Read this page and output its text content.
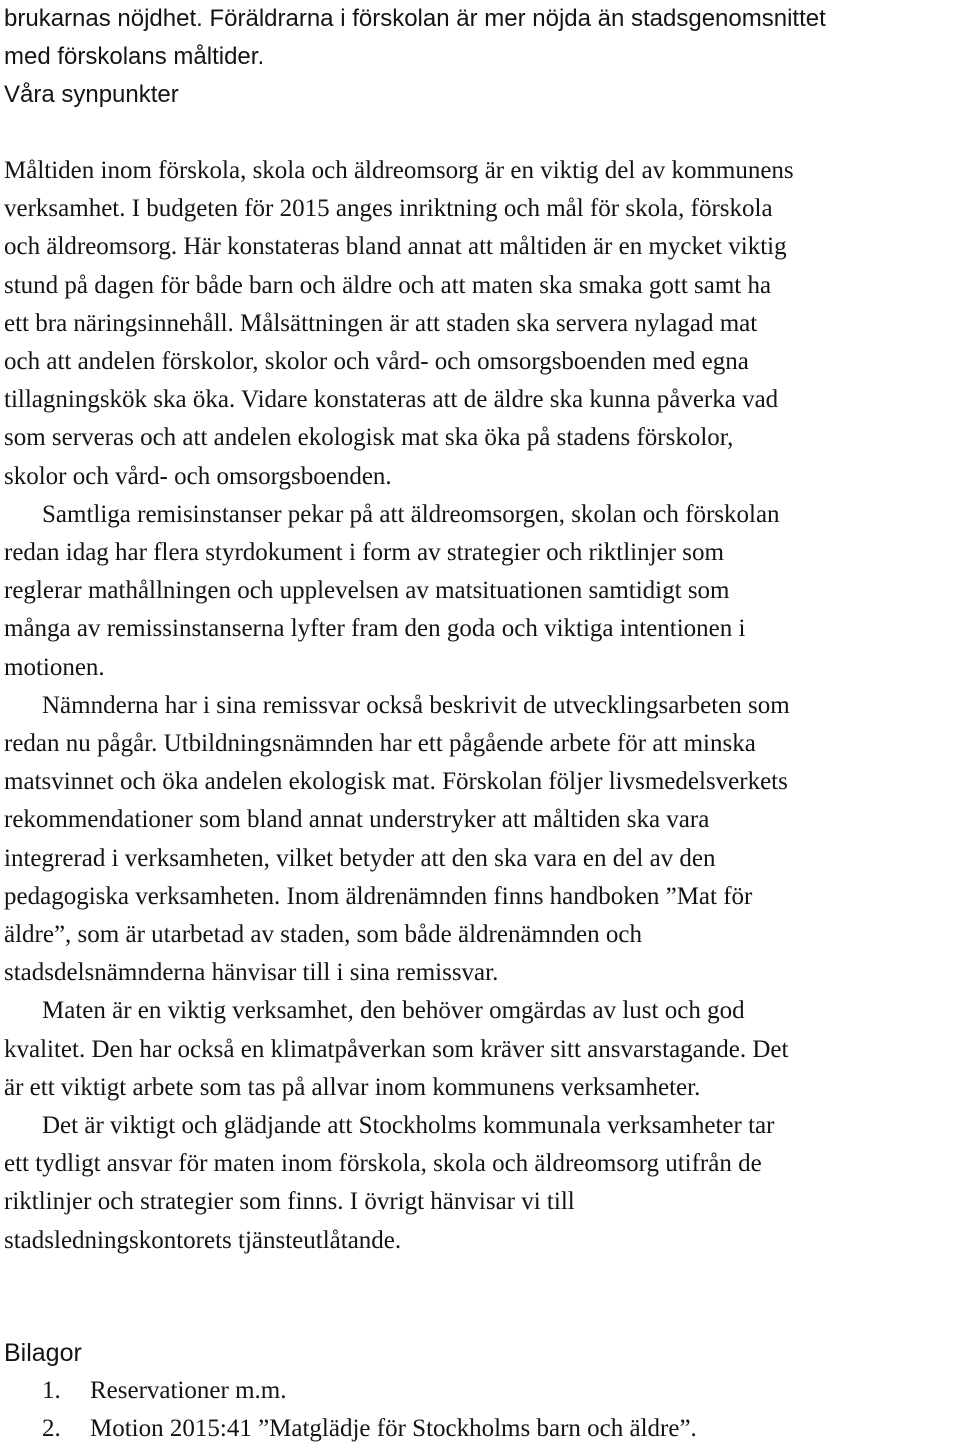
brukarnas nöjdhet. Föräldrarna i förskolan är mer nöjda än stadsgenomsnittet
med förskolans måltider.

Våra synpunkter

Måltiden inom förskola, skola och äldreomsorg är en viktig del av kommunens
verksamhet. I budgeten för 2015 anges inriktning och mål för skola, förskola
och äldreomsorg. Här konstateras bland annat att måltiden är en mycket viktig
stund på dagen för både barn och äldre och att maten ska smaka gott samt ha
ett bra näringsinnehåll. Målsättningen är att staden ska servera nylagad mat
och att andelen förskolor, skolor och vård- och omsorgsboenden med egna
tillagningskök ska öka. Vidare konstateras att de äldre ska kunna påverka vad
som serveras och att andelen ekologisk mat ska öka på stadens förskolor,
skolor och vård- och omsorgsboenden.

Samtliga remisinstanser pekar på att äldreomsorgen, skolan och förskolan
redan idag har flera styrdokument i form av strategier och riktlinjer som
reglerar mathållningen och upplevelsen av matsituationen samtidigt som
många av remissinstanserna lyfter fram den goda och viktiga intentionen i
motionen.

Nämnderna har i sina remissvar också beskrivit de utvecklingsarbeten som
redan nu pågår. Utbildningsnämnden har ett pågående arbete för att minska
matsvinnet och öka andelen ekologisk mat. Förskolan följer livsmedelsverkets
rekommendationer som bland annat understryker att måltiden ska vara
integrerad i verksamheten, vilket betyder att den ska vara en del av den
pedagogiska verksamheten. Inom äldrenämnden finns handboken ”Mat för
äldre”, som är utarbetad av staden, som både äldrenämnden och
stadsdelsnämnderna hänvisar till i sina remissvar.

Maten är en viktig verksamhet, den behöver omgärdas av lust och god
kvalitet. Den har också en klimatpåverkan som kräver sitt ansvarstagande. Det
är ett viktigt arbete som tas på allvar inom kommunens verksamheter.

Det är viktigt och glädjande att Stockholms kommunala verksamheter tar
ett tydligt ansvar för maten inom förskola, skola och äldreomsorg utifrån de
riktlinjer och strategier som finns. I övrigt hänvisar vi till
stadsledningskontorets tjänsteutlåtande.

Bilagor
1.	Reservationer m.m.
2.	Motion 2015:41 ”Matglädje för Stockholms barn och äldre”.
